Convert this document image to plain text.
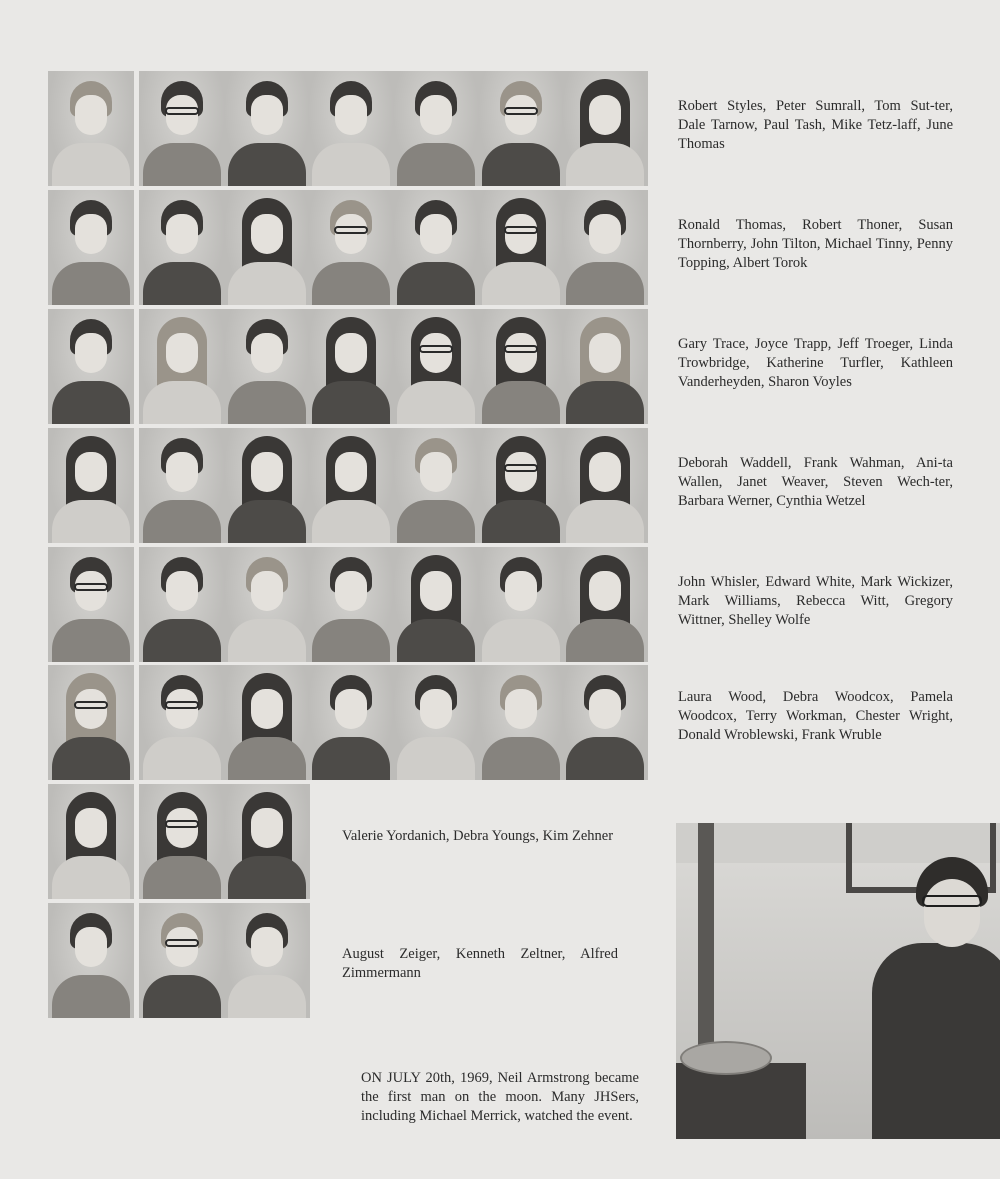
Robert Styles, Peter Sumrall, Tom Sut-ter, Dale Tarnow, Paul Tash, Mike Tetz-laff, June Thomas
Ronald Thomas, Robert Thoner, Susan Thornberry, John Tilton, Michael Tinny, Penny Topping, Albert Torok
Gary Trace, Joyce Trapp, Jeff Troeger, Linda Trowbridge, Katherine Turfler, Kathleen Vanderheyden, Sharon Voyles
Deborah Waddell, Frank Wahman, Ani-ta Wallen, Janet Weaver, Steven Wech-ter, Barbara Werner, Cynthia Wetzel
John Whisler, Edward White, Mark Wickizer, Mark Williams, Rebecca Witt, Gregory Wittner, Shelley Wolfe
Laura Wood, Debra Woodcox, Pamela Woodcox, Terry Workman, Chester Wright, Donald Wroblewski, Frank Wruble
Valerie Yordanich, Debra Youngs, Kim Zehner
August Zeiger, Kenneth Zeltner, Alfred Zimmermann
ON JULY 20th, 1969, Neil Armstrong became the first man on the moon. Many JHSers, including Michael Merrick, watched the event.
